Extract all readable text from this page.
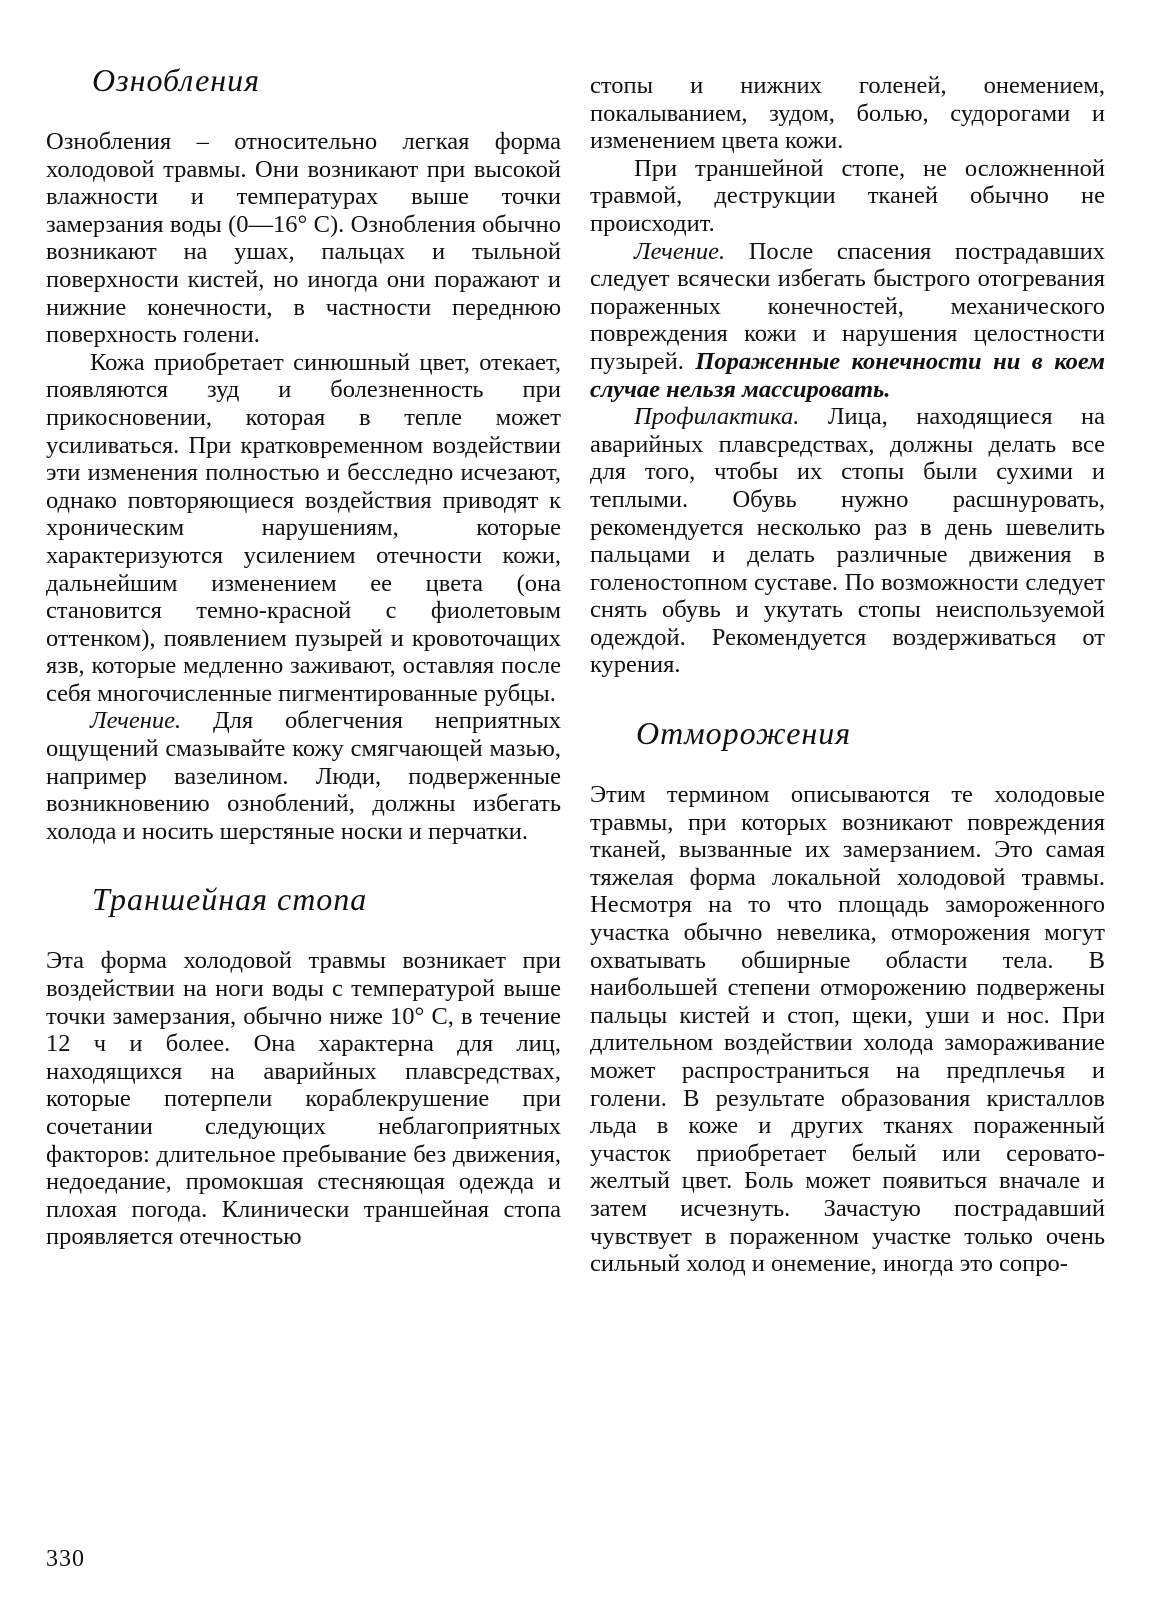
Ознобления

Ознобления – относительно легкая форма холодовой травмы. Они возникают при высокой влажности и температурах выше точки замерзания воды (0—16° С). Ознобления обычно возникают на ушах, пальцах и тыльной поверхности кистей, но иногда они поражают и нижние конечности, в частности переднюю поверхность голени.

Кожа приобретает синюшный цвет, отекает, появляются зуд и болезненность при прикосновении, которая в тепле может усиливаться. При кратковременном воздействии эти изменения полностью и бесследно исчезают, однако повторяющиеся воздействия приводят к хроническим нарушениям, которые характеризуются усилением отечности кожи, дальнейшим изменением ее цвета (она становится темно-красной с фиолетовым оттенком), появлением пузырей и кровоточащих язв, которые медленно заживают, оставляя после себя многочисленные пигментированные рубцы.

Лечение. Для облегчения неприятных ощущений смазывайте кожу смягчающей мазью, например вазелином. Люди, подверженные возникновению озноблений, должны избегать холода и носить шерстяные носки и перчатки.

Траншейная стопа

Эта форма холодовой травмы возникает при воздействии на ноги воды с температурой выше точки замерзания, обычно ниже 10° С, в течение 12 ч и более. Она характерна для лиц, находящихся на аварийных плавсредствах, которые потерпели кораблекрушение при сочетании следующих неблагоприятных факторов: длительное пребывание без движения, недоедание, промокшая стесняющая одежда и плохая погода. Клинически траншейная стопа проявляется отечностью

стопы и нижних голеней, онемением, покалыванием, зудом, болью, судорогами и изменением цвета кожи.

При траншейной стопе, не осложненной травмой, деструкции тканей обычно не происходит.

Лечение. После спасения пострадавших следует всячески избегать быстрого отогревания пораженных конечностей, механического повреждения кожи и нарушения целостности пузырей. Пораженные конечности ни в коем случае нельзя массировать.

Профилактика. Лица, находящиеся на аварийных плавсредствах, должны делать все для того, чтобы их стопы были сухими и теплыми. Обувь нужно расшнуровать, рекомендуется несколько раз в день шевелить пальцами и делать различные движения в голеностопном суставе. По возможности следует снять обувь и укутать стопы неиспользуемой одеждой. Рекомендуется воздерживаться от курения.

Отморожения

Этим термином описываются те холодовые травмы, при которых возникают повреждения тканей, вызванные их замерзанием. Это самая тяжелая форма локальной холодовой травмы. Несмотря на то что площадь замороженного участка обычно невелика, отморожения могут охватывать обширные области тела. В наибольшей степени отморожению подвержены пальцы кистей и стоп, щеки, уши и нос. При длительном воздействии холода замораживание может распространиться на предплечья и голени. В результате образования кристаллов льда в коже и других тканях пораженный участок приобретает белый или серовато-желтый цвет. Боль может появиться вначале и затем исчезнуть. Зачастую пострадавший чувствует в пораженном участке только очень сильный холод и онемение, иногда это сопро-

330
